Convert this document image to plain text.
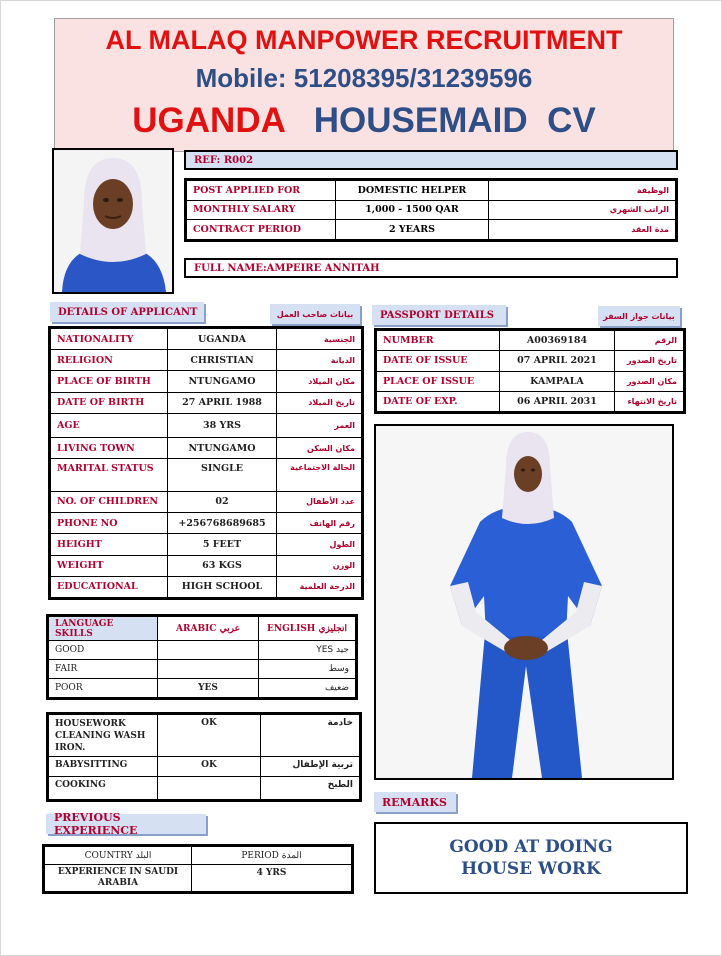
AL MALAQ MANPOWER RECRUITMENT
Mobile: 51208395/31239596
UGANDA HOUSEMAID  CV
REF: R002
POST APPLIED FOR	DOMESTIC HELPER	الوظيفة
MONTHLY SALARY	1,000 - 1500 QAR	الراتب الشهري
CONTRACT PERIOD	2 YEARS	مدة العقد
FULL NAME:AMPEIRE ANNITAH
DETAILS OF APPLICANT	بيانات صاحب العمل
NATIONALITY	UGANDA	الجنسية
RELIGION	CHRISTIAN	الديانة
PLACE OF BIRTH	NTUNGAMO	مكان الميلاد
DATE OF BIRTH	27 APRIL 1988	تاريخ الميلاد
AGE	38 YRS	العمر
LIVING TOWN	NTUNGAMO	مكان السكن
MARITAL STATUS	SINGLE	الحالة الاجتماعية
NO. OF CHILDREN	02	عدد الأطفال
PHONE NO	+256768689685	رقم الهاتف
HEIGHT	5 FEET	الطول
WEIGHT	63 KGS	الوزن
EDUCATIONAL	HIGH SCHOOL	الدرجة العلمية
PASSPORT DETAILS	بيانات جواز السفر
NUMBER	A00369184	الرقم
DATE OF ISSUE	07 APRIL 2021	تاريخ الصدور
PLACE OF ISSUE	KAMPALA	مكان الصدور
DATE OF EXP.	06 APRIL 2031	تاريخ الانتهاء
LANGUAGE SKILLS	ARABIC عربي	ENGLISH انجليزي
GOOD		YES جيد
FAIR		وسط
POOR	YES	ضعيف
HOUSEWORK CLEANING WASH IRON.	OK	خادمة
BABYSITTING	OK	تربية الإطفال
COOKING		الطبخ
PREVIOUS EXPERIENCE
COUNTRY البلد	PERIOD المدة
EXPERIENCE IN SAUDI ARABIA	4 YRS
REMARKS
GOOD AT DOING HOUSE WORK
